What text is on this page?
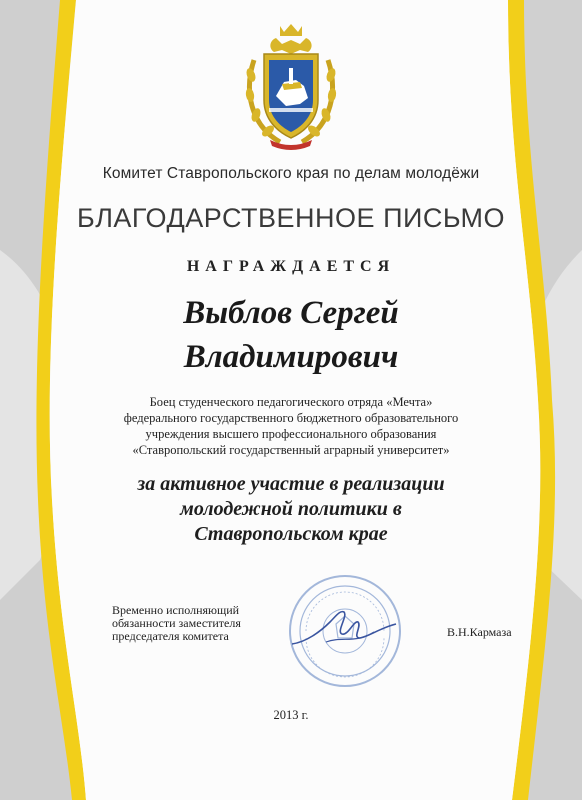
Комитет Ставропольского края по делам молодёжи
БЛАГОДАРСТВЕННОЕ ПИСЬМО
НАГРАЖДАЕТСЯ
Выблов Сергей
Владимирович
Боец студенческого педагогического отряда «Мечта»
федерального государственного бюджетного образовательного
учреждения высшего профессионального образования
«Ставропольский государственный аграрный университет»
за активное участие в реализации
молодежной политики в
Ставропольском крае
Временно исполняющий
обязанности заместителя
председателя комитета	В.Н.Кармаза
2013 г.
